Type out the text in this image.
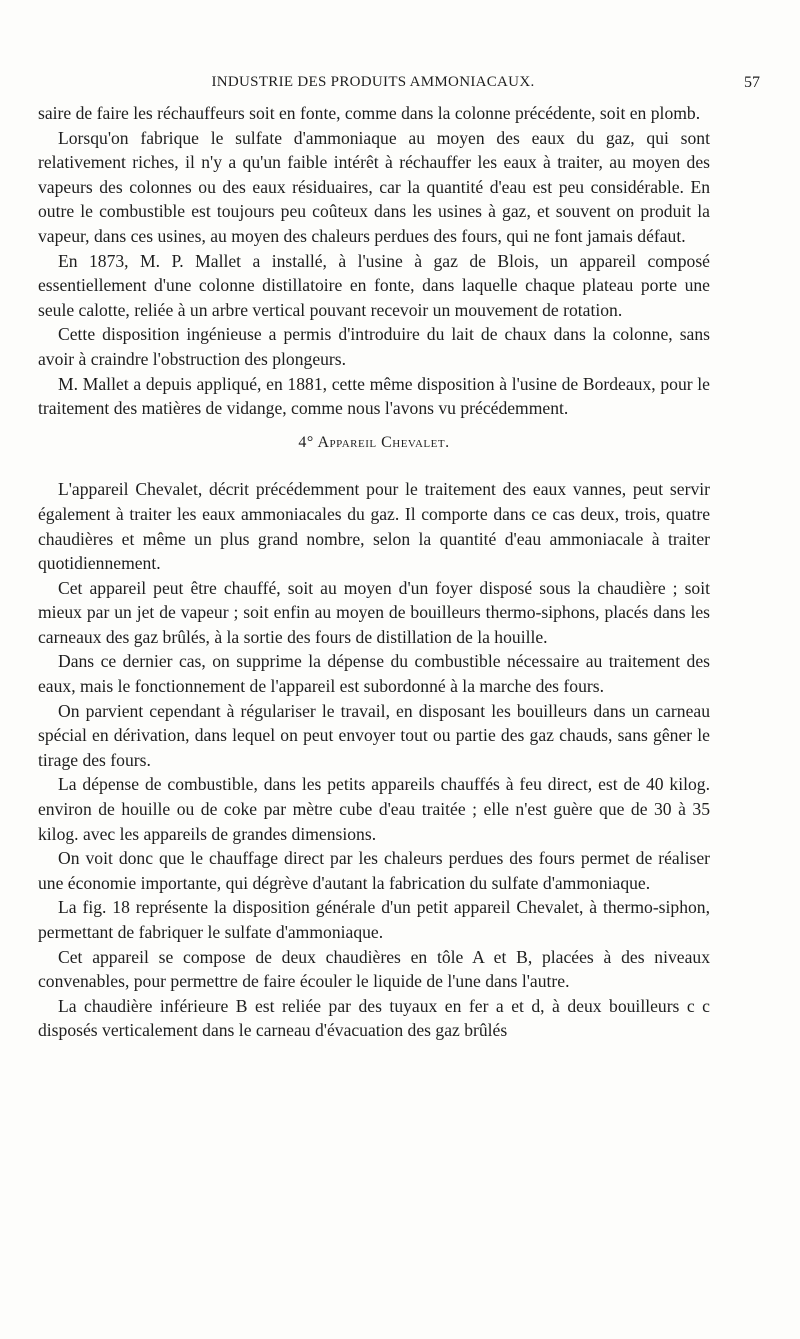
INDUSTRIE DES PRODUITS AMMONIACAUX.	57

saire de faire les réchauffeurs soit en fonte, comme dans la colonne précédente, soit en plomb.

Lorsqu'on fabrique le sulfate d'ammoniaque au moyen des eaux du gaz, qui sont relativement riches, il n'y a qu'un faible intérêt à réchauffer les eaux à traiter, au moyen des vapeurs des colonnes ou des eaux résiduaires, car la quantité d'eau est peu considérable. En outre le combustible est toujours peu coûteux dans les usines à gaz, et souvent on produit la vapeur, dans ces usines, au moyen des chaleurs perdues des fours, qui ne font jamais défaut.

En 1873, M. P. Mallet a installé, à l'usine à gaz de Blois, un appareil composé essentiellement d'une colonne distillatoire en fonte, dans laquelle chaque plateau porte une seule calotte, reliée à un arbre vertical pouvant recevoir un mouvement de rotation.

Cette disposition ingénieuse a permis d'introduire du lait de chaux dans la colonne, sans avoir à craindre l'obstruction des plongeurs.

M. Mallet a depuis appliqué, en 1881, cette même disposition à l'usine de Bordeaux, pour le traitement des matières de vidange, comme nous l'avons vu précédemment.

4° Appareil Chevalet.

L'appareil Chevalet, décrit précédemment pour le traitement des eaux vannes, peut servir également à traiter les eaux ammoniacales du gaz. Il comporte dans ce cas deux, trois, quatre chaudières et même un plus grand nombre, selon la quantité d'eau ammoniacale à traiter quotidiennement.

Cet appareil peut être chauffé, soit au moyen d'un foyer disposé sous la chaudière ; soit mieux par un jet de vapeur ; soit enfin au moyen de bouilleurs thermo-siphons, placés dans les carneaux des gaz brûlés, à la sortie des fours de distillation de la houille.

Dans ce dernier cas, on supprime la dépense du combustible nécessaire au traitement des eaux, mais le fonctionnement de l'appareil est subordonné à la marche des fours.

On parvient cependant à régulariser le travail, en disposant les bouilleurs dans un carneau spécial en dérivation, dans lequel on peut envoyer tout ou partie des gaz chauds, sans gêner le tirage des fours.

La dépense de combustible, dans les petits appareils chauffés à feu direct, est de 40 kilog. environ de houille ou de coke par mètre cube d'eau traitée ; elle n'est guère que de 30 à 35 kilog. avec les appareils de grandes dimensions.

On voit donc que le chauffage direct par les chaleurs perdues des fours permet de réaliser une économie importante, qui dégrève d'autant la fabrication du sulfate d'ammoniaque.

La fig. 18 représente la disposition générale d'un petit appareil Chevalet, à thermo-siphon, permettant de fabriquer le sulfate d'ammoniaque.

Cet appareil se compose de deux chaudières en tôle A et B, placées à des niveaux convenables, pour permettre de faire écouler le liquide de l'une dans l'autre.

La chaudière inférieure B est reliée par des tuyaux en fer a et d, à deux bouilleurs c c disposés verticalement dans le carneau d'évacuation des gaz brûlés
